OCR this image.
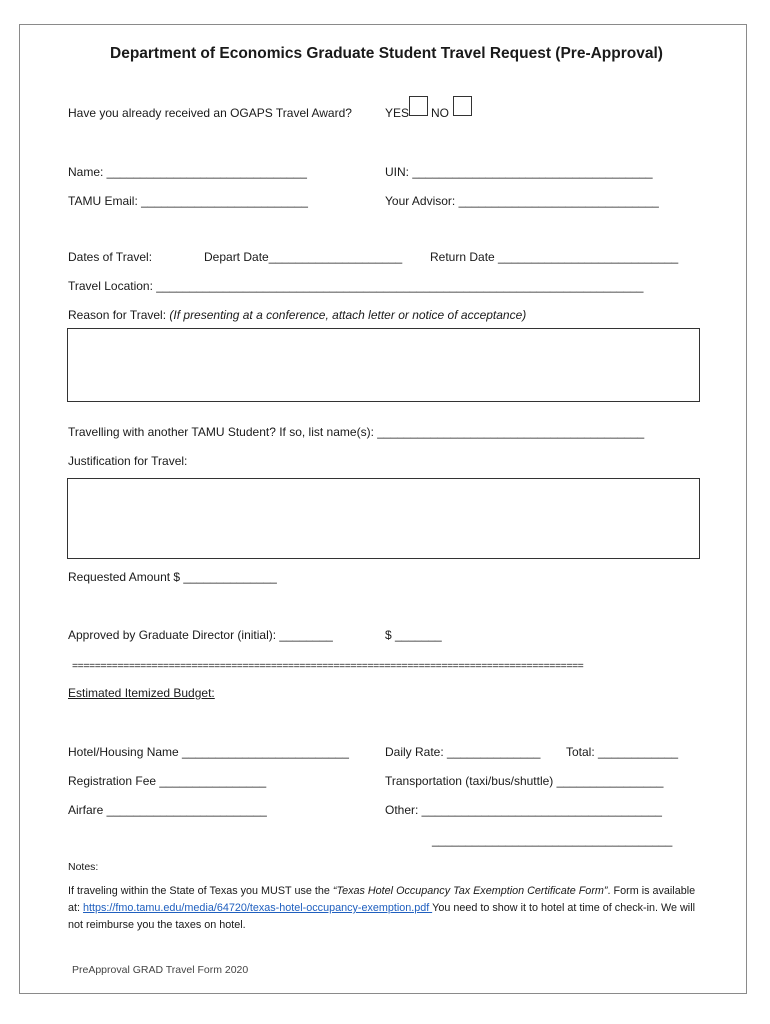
Department of Economics Graduate Student Travel Request (Pre-Approval)
Have you already received an OGAPS Travel Award?	YES NO
Name: ______________________________	UIN: ____________________________________
TAMU Email: _________________________	Your Advisor: ______________________________
Dates of Travel:	Depart Date____________________ Return Date ___________________________
Travel Location: _________________________________________________________________________
Reason for Travel: (If presenting at a conference, attach letter or notice of acceptance)
Travelling with another TAMU Student? If so, list name(s): ________________________________________
Justification for Travel:
Requested Amount $ ______________
Approved by Graduate Director (initial): ________	$ _______
==========================================================================================
Estimated Itemized Budget:
Hotel/Housing Name _________________________	Daily Rate: ______________ Total: ____________
Registration Fee ________________	Transportation (taxi/bus/shuttle) ________________
Airfare ________________________	Other: ____________________________________
____________________________________
Notes:
If traveling within the State of Texas you MUST use the “Texas Hotel Occupancy Tax Exemption Certificate Form”. Form is available at: https://fmo.tamu.edu/media/64720/texas-hotel-occupancy-exemption.pdf You need to show it to hotel at time of check-in. We will not reimburse you the taxes on hotel.
PreApproval GRAD Travel Form 2020
